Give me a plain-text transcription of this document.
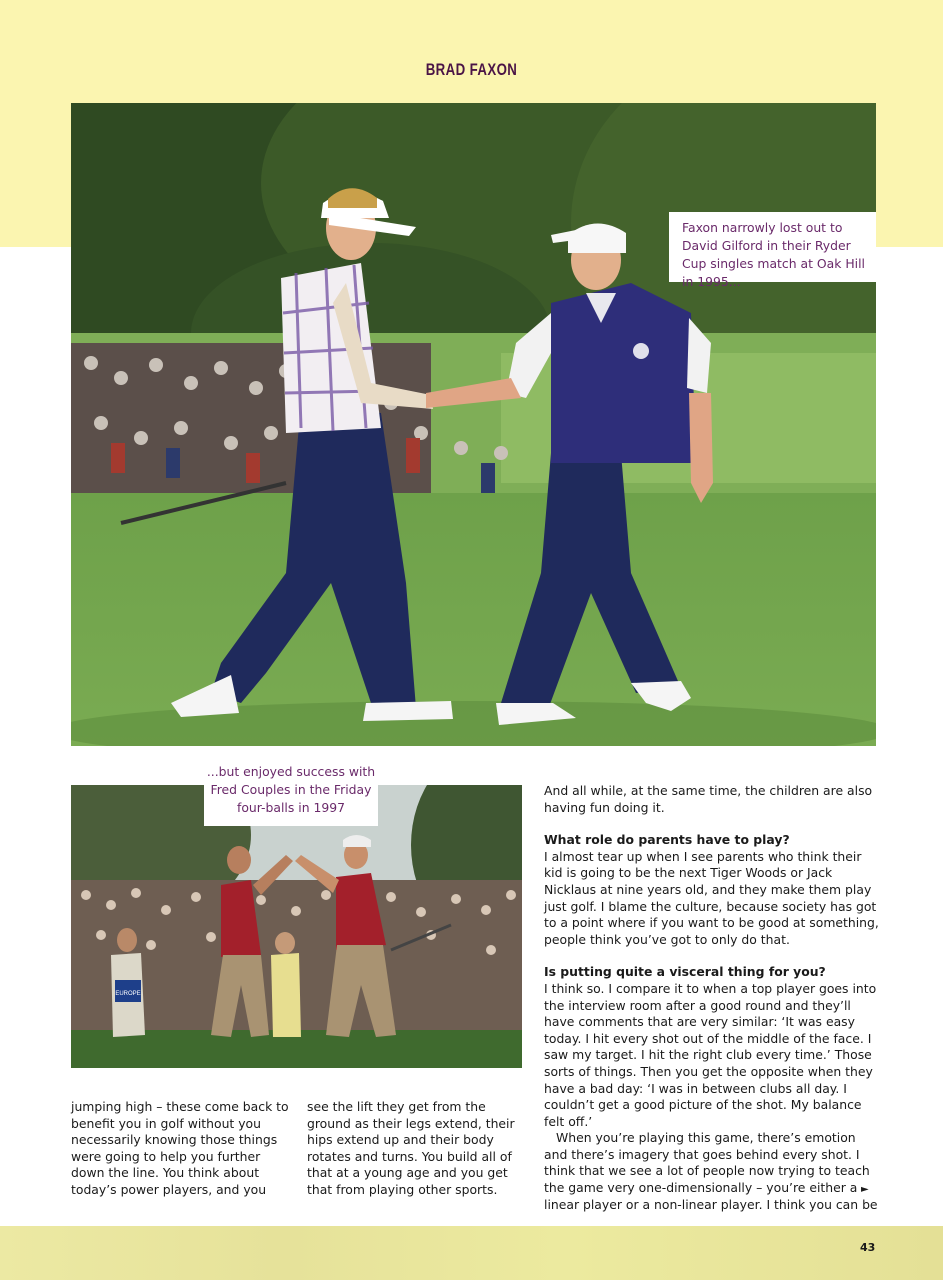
BRAD FAXON
Faxon narrowly lost out to David Gilford in their Ryder Cup singles match at Oak Hill in 1995...
EUROPE
...but enjoyed success with Fred Couples in the Friday four-balls in 1997

jumping high – these come back to benefit you in golf without you necessarily knowing those things were going to help you further down the line. You think about today’s power players, and you

see the lift they get from the ground as their legs extend, their hips extend up and their body rotates and turns. You build all of that at a young age and you get that from playing other sports.

And all while, at the same time, the children are also having fun doing it.

What role do parents have to play?

I almost tear up when I see parents who think their kid is going to be the next Tiger Woods or Jack Nicklaus at nine years old, and they make them play just golf. I blame the culture, because society has got to a point where if you want to be good at something, people think you’ve got to only do that.

Is putting quite a visceral thing for you?

I think so. I compare it to when a top player goes into the interview room after a good round and they’ll have comments that are very similar: ‘It was easy today. I hit every shot out of the middle of the face. I saw my target. I hit the right club every time.’ Those sorts of things. Then you get the opposite when they have a bad day: ‘I was in between clubs all day. I couldn’t get a good picture of the shot. My balance felt off.’

When you’re playing this game, there’s emotion and there’s imagery that goes behind every shot. I think that we see a lot of people now trying to teach the game very one-dimensionally – you’re either a linear player or a non-linear player. I think you can be

►
43
